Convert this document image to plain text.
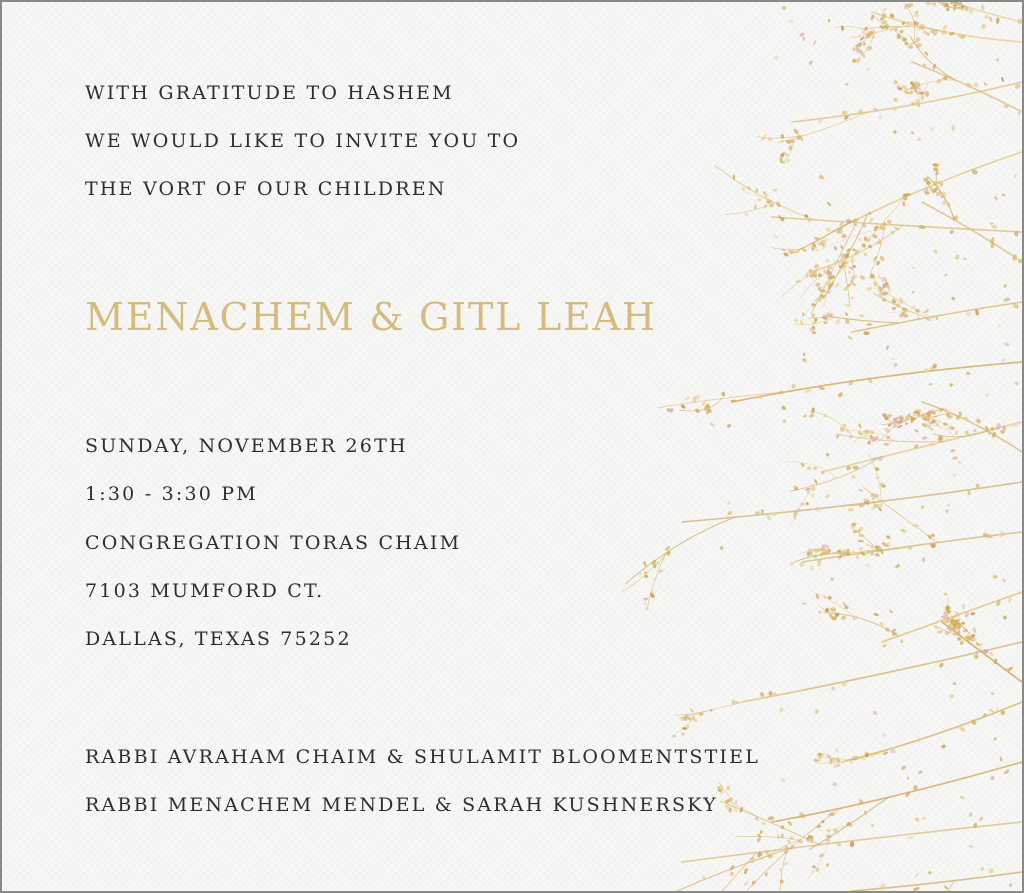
WITH GRATITUDE TO HASHEM
WE WOULD LIKE TO INVITE YOU TO
THE VORT OF OUR CHILDREN
MENACHEM & GITL LEAH
SUNDAY, NOVEMBER 26TH
1:30 - 3:30 PM
CONGREGATION TORAS CHAIM
7103 MUMFORD CT.
DALLAS, TEXAS 75252
RABBI AVRAHAM CHAIM & SHULAMIT BLOOMENTSTIEL
RABBI MENACHEM MENDEL & SARAH KUSHNERSKY
